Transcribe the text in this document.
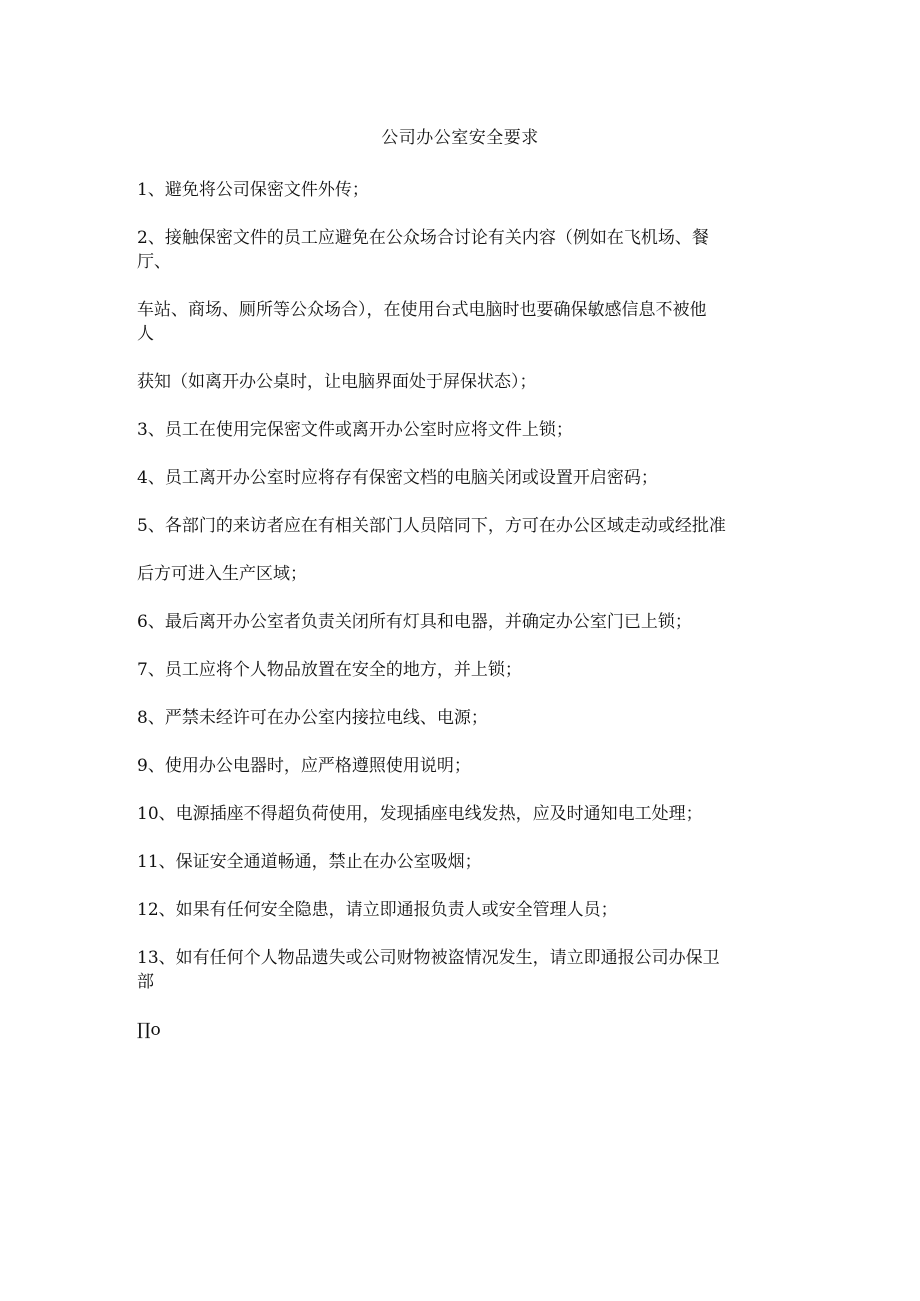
公司办公室安全要求
1、避免将公司保密文件外传；
2、接触保密文件的员工应避免在公众场合讨论有关内容（例如在飞机场、餐
厅、
车站、商场、厕所等公众场合），在使用台式电脑时也要确保敏感信息不被他
人
获知（如离开办公桌时，让电脑界面处于屏保状态）；
3、员工在使用完保密文件或离开办公室时应将文件上锁；
4、员工离开办公室时应将存有保密文档的电脑关闭或设置开启密码；
5、各部门的来访者应在有相关部门人员陪同下，方可在办公区域走动或经批准
后方可进入生产区域；
6、最后离开办公室者负责关闭所有灯具和电器，并确定办公室门已上锁；
7、员工应将个人物品放置在安全的地方，并上锁；
8、严禁未经许可在办公室内接拉电线、电源；
9、使用办公电器时，应严格遵照使用说明；
10、电源插座不得超负荷使用，发现插座电线发热，应及时通知电工处理；
11、保证安全通道畅通，禁止在办公室吸烟；
12、如果有任何安全隐患，请立即通报负责人或安全管理人员；
13、如有任何个人物品遗失或公司财物被盗情况发生，请立即通报公司办保卫
部
∏o
